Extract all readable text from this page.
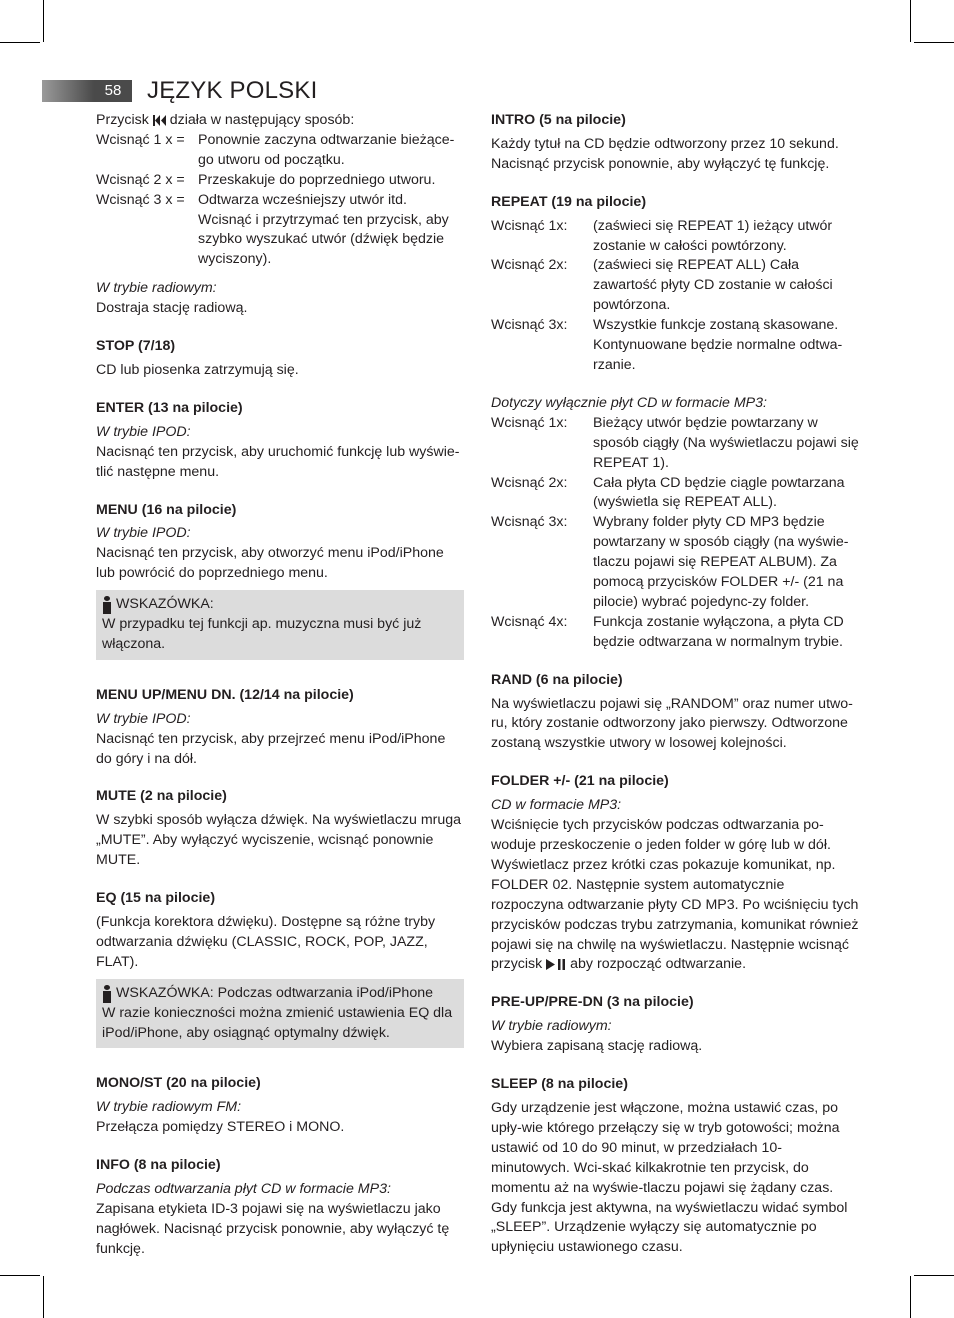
58	JĘZYK POLSKI
Przycisk działa w następujący sposób:
Wcisnąć 1 x = Ponownie zaczyna odtwarzanie bieżące-go utworu od początku.
Wcisnąć 2 x = Przeskakuje do poprzedniego utworu.
Wcisnąć 3 x = Odtwarza wcześniejszy utwór itd. Wcisnąć i przytrzymać ten przycisk, aby szybko wyszukać utwór (dźwięk będzie wyciszony).
W trybie radiowym:
Dostraja stację radiową.
STOP (7/18)
CD lub piosenka zatrzymują się.
ENTER (13 na pilocie)
W trybie IPOD:
Nacisnąć ten przycisk, aby uruchomić funkcję lub wyświe-tlić następne menu.
MENU (16 na pilocie)
W trybie IPOD:
Nacisnąć ten przycisk, aby otworzyć menu iPod/iPhone lub powrócić do poprzedniego menu.
WSKAZÓWKA:
W przypadku tej funkcji ap. muzyczna musi być już włączona.
MENU UP/MENU DN. (12/14 na pilocie)
W trybie IPOD:
Nacisnąć ten przycisk, aby przejrzeć menu iPod/iPhone do góry i na dół.
MUTE (2 na pilocie)
W szybki sposób wyłącza dźwięk. Na wyświetlaczu mruga „MUTE”. Aby wyłączyć wyciszenie, wcisnąć ponownie MUTE.
EQ (15 na pilocie)
(Funkcja korektora dźwięku). Dostępne są różne tryby odtwarzania dźwięku (CLASSIC, ROCK, POP, JAZZ, FLAT).
WSKAZÓWKA: Podczas odtwarzania iPod/iPhone
W razie konieczności można zmienić ustawienia EQ dla iPod/iPhone, aby osiągnąć optymalny dźwięk.
MONO/ST (20 na pilocie)
W trybie radiowym FM:
Przełącza pomiędzy STEREO i MONO.
INFO (8 na pilocie)
Podczas odtwarzania płyt CD w formacie MP3:
Zapisana etykieta ID-3 pojawi się na wyświetlaczu jako nagłówek. Nacisnąć przycisk ponownie, aby wyłączyć tę funkcję.
INTRO (5 na pilocie)
Każdy tytuł na CD będzie odtworzony przez 10 sekund. Nacisnąć przycisk ponownie, aby wyłączyć tę funkcję.
REPEAT (19 na pilocie)
Wcisnąć 1x:	(zaświeci się REPEAT 1) ieżący utwór zostanie w całości powtórzony.
Wcisnąć 2x:	(zaświeci się REPEAT ALL) Cała zawartość płyty CD zostanie w całości powtórzona.
Wcisnąć 3x:	Wszystkie funkcje zostaną skasowane. Kontynuowane będzie normalne odtwa-rzanie.
Dotyczy wyłącznie płyt CD w formacie MP3:
Wcisnąć 1x:	Bieżący utwór będzie powtarzany w sposób ciągły (Na wyświetlaczu pojawi się REPEAT 1).
Wcisnąć 2x:	Cała płyta CD będzie ciągle powtarzana (wyświetla się REPEAT ALL).
Wcisnąć 3x:	Wybrany folder płyty CD MP3 będzie powtarzany w sposób ciągły (na wyświe-tlaczu pojawi się REPEAT ALBUM). Za pomocą przycisków FOLDER +/- (21 na pilocie) wybrać pojedync-zy folder.
Wcisnąć 4x:	Funkcja zostanie wyłączona, a płyta CD będzie odtwarzana w normalnym trybie.
RAND (6 na pilocie)
Na wyświetlaczu pojawi się „RANDOM” oraz numer utwo-ru, który zostanie odtworzony jako pierwszy. Odtworzone zostaną wszystkie utwory w losowej kolejności.
FOLDER +/- (21 na pilocie)
CD w formacie MP3:
Wciśnięcie tych przycisków podczas odtwarzania po-woduje przeskoczenie o jeden folder w górę lub w dół. Wyświetlacz przez krótki czas pokazuje komunikat, np. FOLDER 02. Następnie system automatycznie rozpoczyna odtwarzanie płyty CD MP3. Po wciśnięciu tych przycisków podczas trybu zatrzymania, komunikat również pojawi się na chwilę na wyświetlaczu. Następnie wcisnąć przycisk aby rozpocząć odtwarzanie.
PRE-UP/PRE-DN (3 na pilocie)
W trybie radiowym:
Wybiera zapisaną stację radiową.
SLEEP (8 na pilocie)
Gdy urządzenie jest włączone, można ustawić czas, po upły-wie którego przełączy się w tryb gotowości; można ustawić od 10 do 90 minut, w przedziałach 10-minutowych. Wci-skać kilkakrotnie ten przycisk, do momentu aż na wyświe-tlaczu pojawi się żądany czas. Gdy funkcja jest aktywna, na wyświetlaczu widać symbol „SLEEP”. Urządzenie wyłączy się automatycznie po upłynięciu ustawionego czasu.
